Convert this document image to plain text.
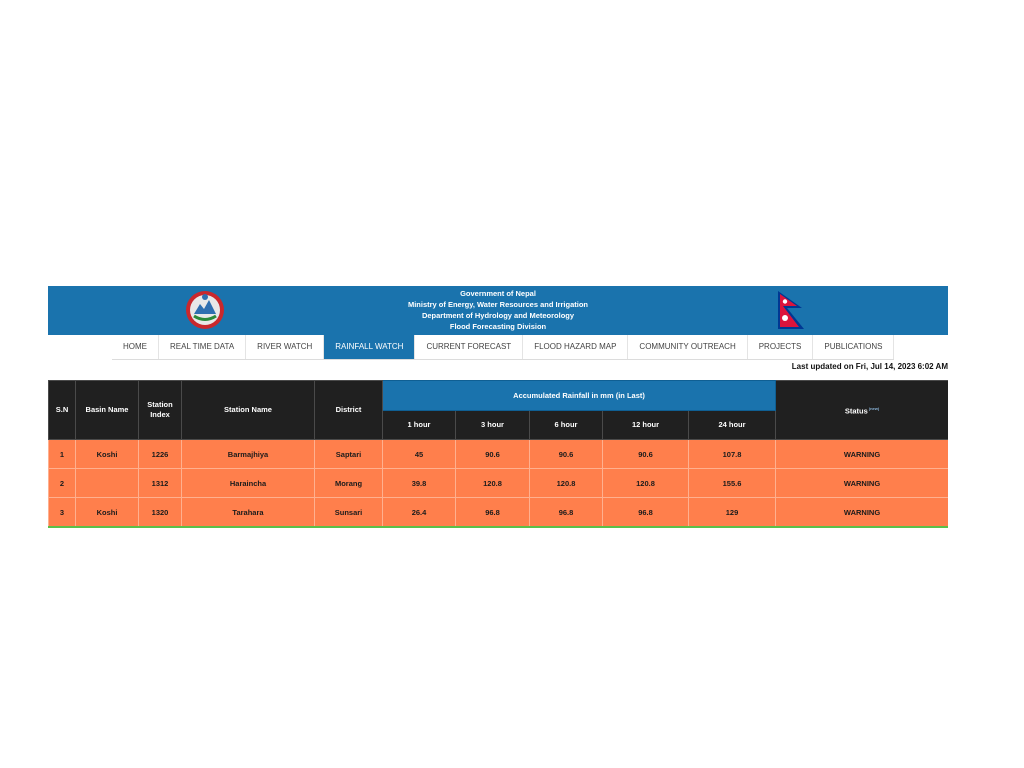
Government of Nepal
Ministry of Energy, Water Resources and Irrigation
Department of Hydrology and Meteorology
Flood Forecasting Division
HOME	REAL TIME DATA	RIVER WATCH	RAINFALL WATCH	CURRENT FORECAST	FLOOD HAZARD MAP	COMMUNITY OUTREACH	PROJECTS	PUBLICATIONS
Last updated on Fri, Jul 14, 2023 6:02 AM
S.N	Basin Name	Station Index	Station Name	District	Accumulated Rainfall in mm (in Last)					Status$^{(new)}$
					1 hour	3 hour	6 hour	12 hour	24 hour	
1	Koshi	1226	Barmajhiya	Saptari	45	90.6	90.6	90.6	107.8	WARNING
2		1312	Haraincha	Morang	39.8	120.8	120.8	120.8	155.6	WARNING
3	Koshi	1320	Tarahara	Sunsari	26.4	96.8	96.8	96.8	129	WARNING
